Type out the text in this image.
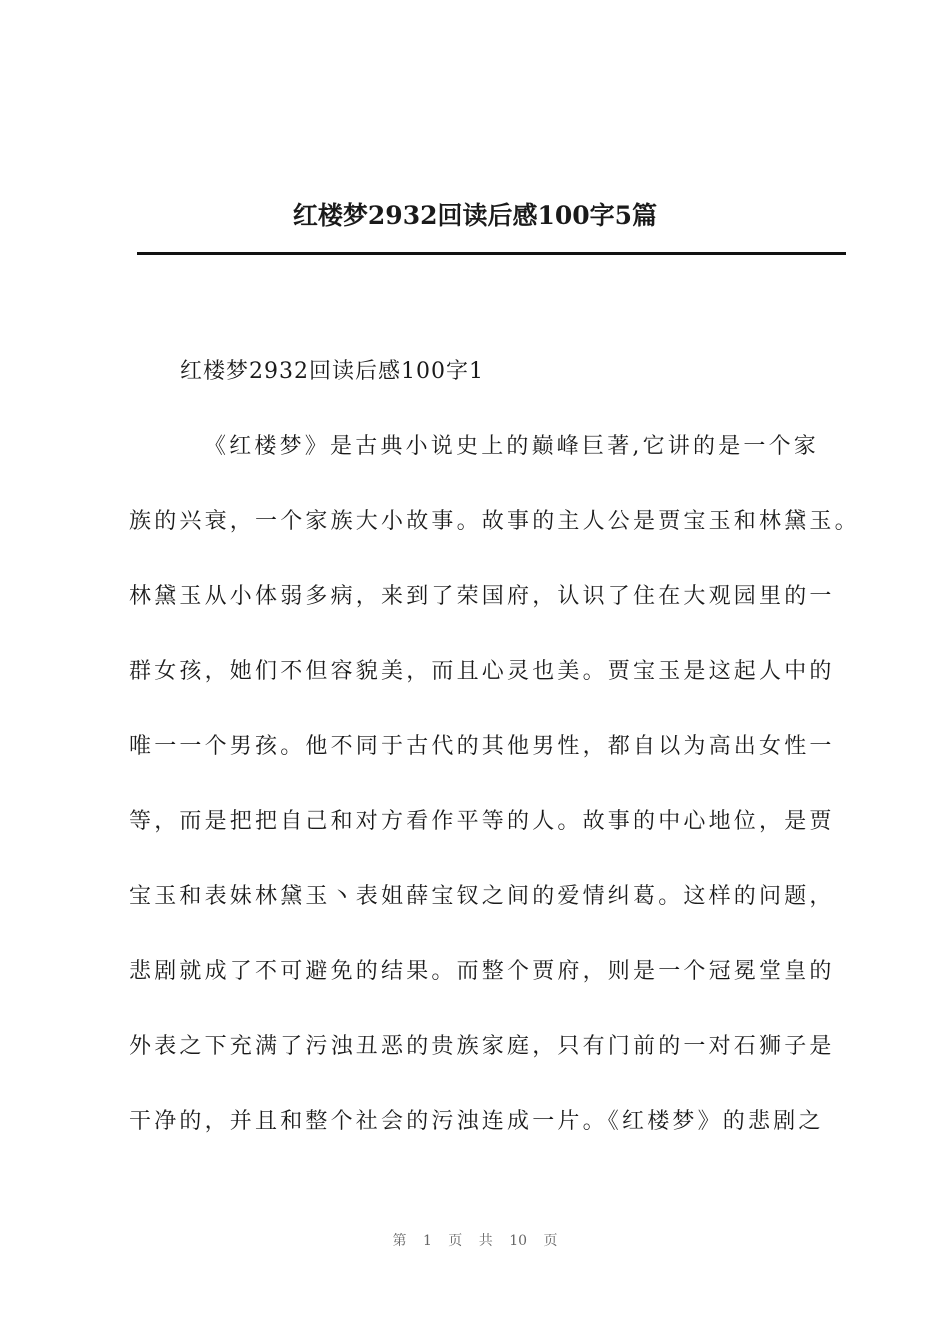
红楼梦2932回读后感100字5篇
红楼梦2932回读后感100字1
《红楼梦》是古典小说史上的巅峰巨著,它讲的是一个家
族的兴衰，一个家族大小故事。故事的主人公是贾宝玉和林黛玉。
林黛玉从小体弱多病，来到了荣国府，认识了住在大观园里的一
群女孩，她们不但容貌美，而且心灵也美。贾宝玉是这起人中的
唯一一个男孩。他不同于古代的其他男性，都自以为高出女性一
等，而是把把自己和对方看作平等的人。故事的中心地位，是贾
宝玉和表妹林黛玉丶表姐薛宝钗之间的爱情纠葛。这样的问题，
悲剧就成了不可避免的结果。而整个贾府，则是一个冠冕堂皇的
外表之下充满了污浊丑恶的贵族家庭，只有门前的一对石狮子是
干净的，并且和整个社会的污浊连成一片。《红楼梦》的悲剧之
第 1 页 共 10 页
